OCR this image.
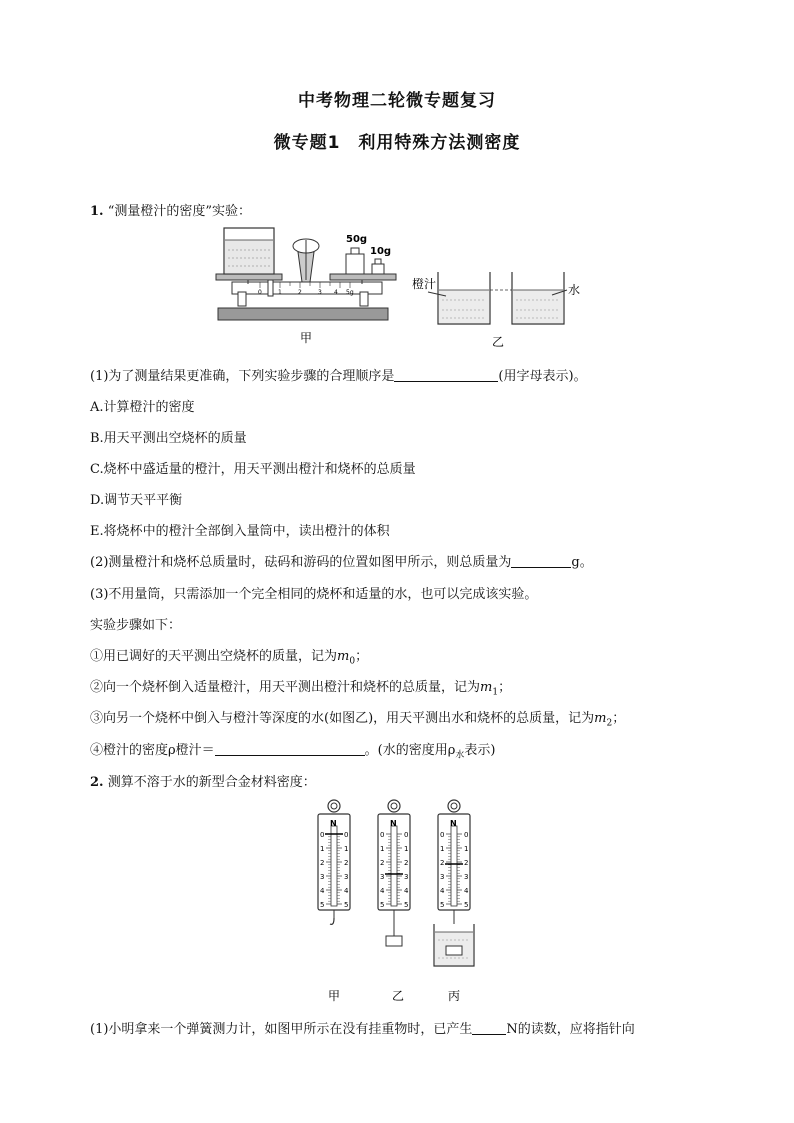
中考物理二轮微专题复习
微专题1　利用特殊方法测密度
1. “测量橙汁的密度”实验：
0	1	2	3 4 5g
50g
10g
甲
橙汁	水
乙
(1)为了测量结果更准确，下列实验步骤的合理顺序是	(用字母表示)。
A.计算橙汁的密度
B.用天平测出空烧杯的质量
C.烧杯中盛适量的橙汁，用天平测出橙汁和烧杯的总质量
D.调节天平平衡
E.将烧杯中的橙汁全部倒入量筒中，读出橙汁的体积
(2)测量橙汁和烧杯总质量时，砝码和游码的位置如图甲所示，则总质量为	g。
(3)不用量筒，只需添加一个完全相同的烧杯和适量的水，也可以完成该实验。
实验步骤如下：
①用已调好的天平测出空烧杯的质量，记为$m_0$；
②向一个烧杯倒入适量橙汁，用天平测出橙汁和烧杯的总质量，记为$m_1$；
③向另一个烧杯中倒入与橙汁等深度的水(如图乙)，用天平测出水和烧杯的总质量，记为$m_2$；
④橙汁的密度ρ橙汁＝	。(水的密度用$\rho_水$表示)
2. 测算不溶于水的新型合金材料密度：
N
0	0
1	1
2	2
3	3
4	4
5	5
N
0	0
1	1
2	2
3	3
4	4
5	5
N
0	0
1	1
2	2
3	3
4	4
5	5
甲	乙	丙
(1)小明拿来一个弹簧测力计，如图甲所示在没有挂重物时，已产生	N的读数，应将指针向
